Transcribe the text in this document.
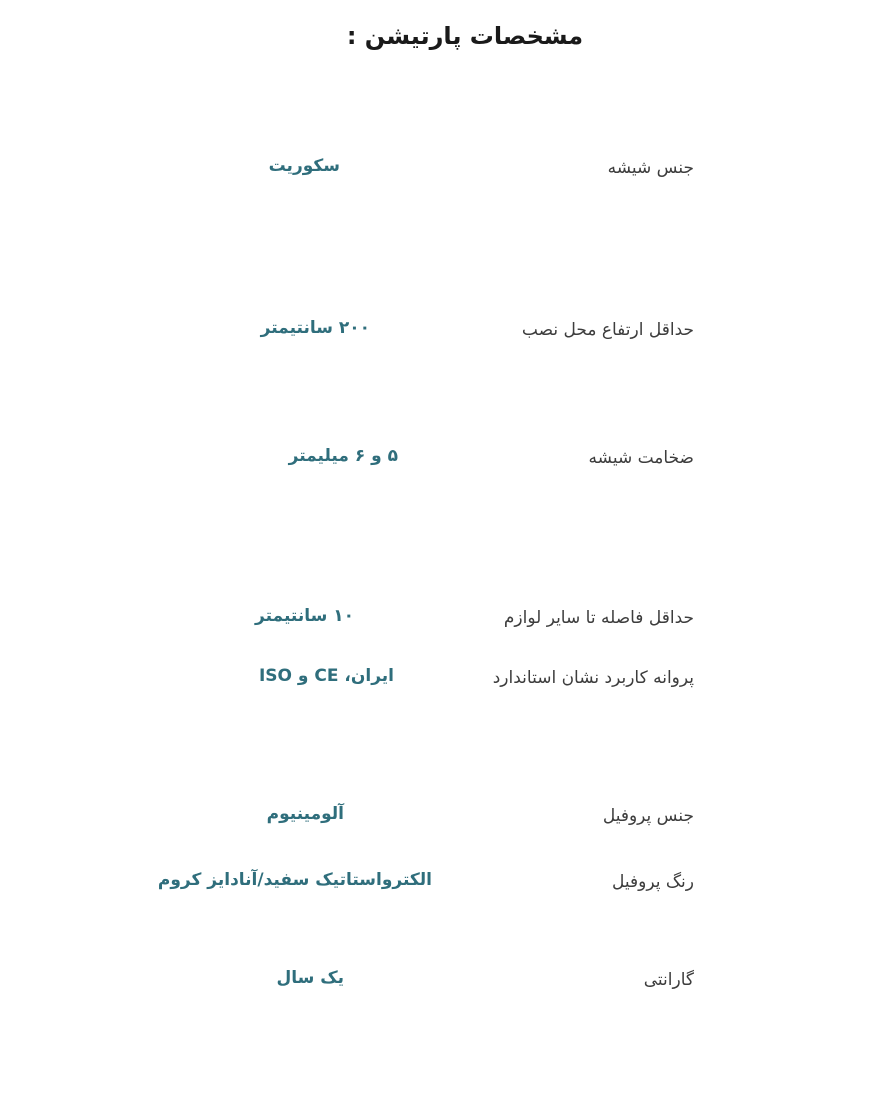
مشخصات پارتیشن :
جنس شیشه
سکوریت
حداقل ارتفاع محل نصب
۲۰۰ سانتیمتر
ضخامت شیشه
۵ و ۶ میلیمتر
حداقل فاصله تا سایر لوازم
۱۰ سانتیمتر
پروانه کاربرد نشان استاندارد
ایران، CE و ISO
جنس پروفیل
آلومینیوم
رنگ پروفیل
الکترواستاتیک سفید/آنادایز کروم
گارانتی
یک سال
